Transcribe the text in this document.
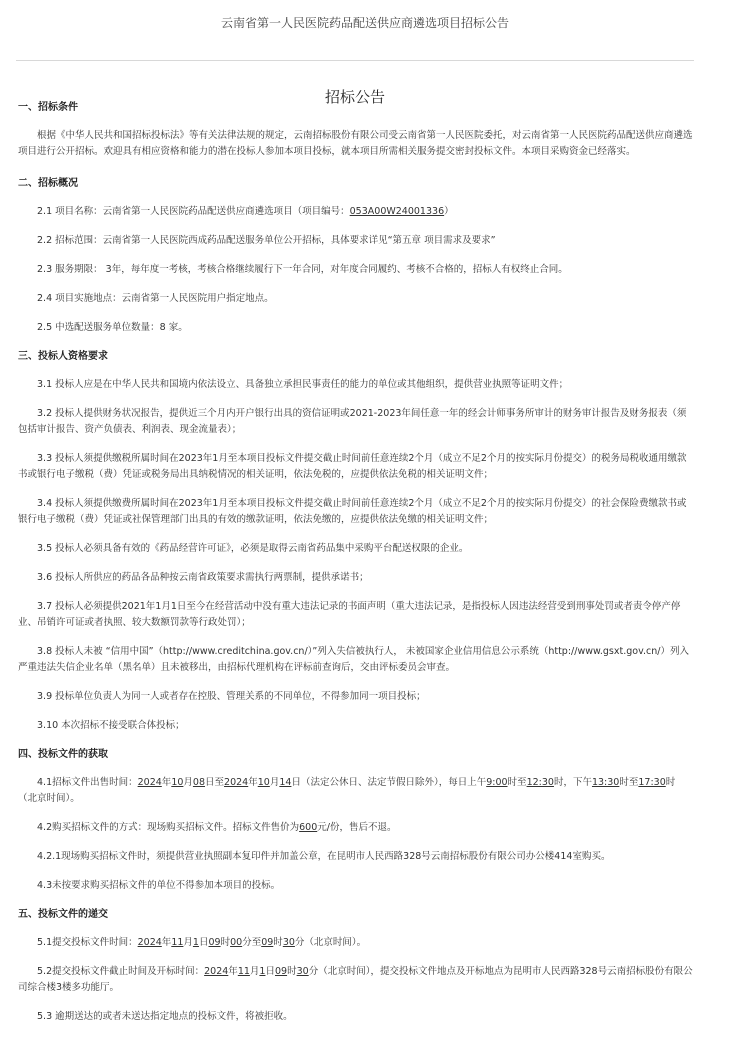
云南省第一人民医院药品配送供应商遴选项目招标公告
招标公告
一、招标条件

根据《中华人民共和国招标投标法》等有关法律法规的规定，云南招标股份有限公司受云南省第一人民医院委托，对云南省第一人民医院药品配送供应商遴选项目进行公开招标。欢迎具有相应资格和能力的潜在投标人参加本项目投标，就本项目所需相关服务提交密封投标文件。本项目采购资金已经落实。

二、招标概况

2.1 项目名称：云南省第一人民医院药品配送供应商遴选项目（项目编号：053A00W24001336）

2.2 招标范围：云南省第一人民医院西成药品配送服务单位公开招标，具体要求详见“第五章 项目需求及要求”

2.3 服务期限： 3年，每年度一考核，考核合格继续履行下一年合同，对年度合同履约、考核不合格的，招标人有权终止合同。

2.4 项目实施地点：云南省第一人民医院用户指定地点。

2.5 中选配送服务单位数量：8 家。

三、投标人资格要求

3.1 投标人应是在中华人民共和国境内依法设立、具备独立承担民事责任的能力的单位或其他组织，提供营业执照等证明文件；

3.2 投标人提供财务状况报告，提供近三个月内开户银行出具的资信证明或2021-2023年间任意一年的经会计师事务所审计的财务审计报告及财务报表（须包括审计报告、资产负债表、利润表、现金流量表）；

3.3 投标人须提供缴税所属时间在2023年1月至本项目投标文件提交截止时间前任意连续2个月（成立不足2个月的按实际月份提交）的税务局税收通用缴款书或银行电子缴税（费）凭证或税务局出具纳税情况的相关证明，依法免税的，应提供依法免税的相关证明文件；

3.4 投标人须提供缴费所属时间在2023年1月至本项目投标文件提交截止时间前任意连续2个月（成立不足2个月的按实际月份提交）的社会保险费缴款书或银行电子缴税（费）凭证或社保管理部门出具的有效的缴款证明，依法免缴的，应提供依法免缴的相关证明文件；

3.5 投标人必须具备有效的《药品经营许可证》，必须是取得云南省药品集中采购平台配送权限的企业。

3.6 投标人所供应的药品各品种按云南省政策要求需执行两票制，提供承诺书；

3.7 投标人必须提供2021年1月1日至今在经营活动中没有重大违法记录的书面声明（重大违法记录，是指投标人因违法经营受到刑事处罚或者责令停产停业、吊销许可证或者执照、较大数额罚款等行政处罚）；

3.8 投标人未被 “信用中国”（http://www.creditchina.gov.cn/）”列入失信被执行人， 未被国家企业信用信息公示系统（http://www.gsxt.gov.cn/）列入严重违法失信企业名单（黑名单）且未被移出，由招标代理机构在评标前查询后，交由评标委员会审查。

3.9 投标单位负责人为同一人或者存在控股、管理关系的不同单位，不得参加同一项目投标；

3.10 本次招标不接受联合体投标；

四、投标文件的获取

4.1招标文件出售时间：2024年10月08日至2024年10月14日（法定公休日、法定节假日除外），每日上午9:00时至12:30时，下午13:30时至17:30时（北京时间）。

4.2购买招标文件的方式：现场购买招标文件。招标文件售价为600元/份，售后不退。

4.2.1现场购买招标文件时，须提供营业执照副本复印件并加盖公章，在昆明市人民西路328号云南招标股份有限公司办公楼414室购买。

4.3未按要求购买招标文件的单位不得参加本项目的投标。

五、投标文件的递交

5.1提交投标文件时间：2024年11月1日09时00分至09时30分（北京时间）。

5.2提交投标文件截止时间及开标时间：2024年11月1日09时30分（北京时间），提交投标文件地点及开标地点为昆明市人民西路328号云南招标股份有限公司综合楼3楼多功能厅。

5.3 逾期送达的或者未送达指定地点的投标文件，将被拒收。
